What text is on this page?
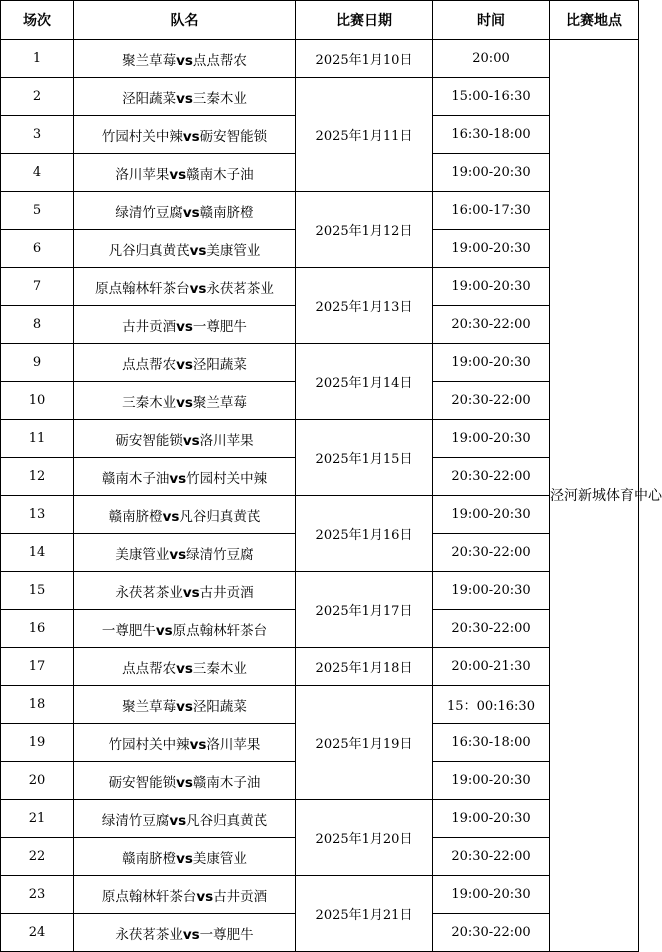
场次	队名	比赛日期	时间	比赛地点
1	聚兰草莓vs点点帮农	2025年1月10日	20:00	泾河新城体育中心
2	泾阳蔬菜vs三秦木业	2025年1月11日	15:00-16:30	
3	竹园村关中辣vs砺安智能锁		16:30-18:00	
4	洛川苹果vs赣南木子油		19:00-20:30	
5	绿清竹豆腐vs赣南脐橙	2025年1月12日	16:00-17:30	
6	凡谷归真黄芪vs美康管业		19:00-20:30	
7	原点翰林轩茶台vs永茯茗茶业	2025年1月13日	19:00-20:30	
8	古井贡酒vs一尊肥牛		20:30-22:00	
9	点点帮农vs泾阳蔬菜	2025年1月14日	19:00-20:30	
10	三秦木业vs聚兰草莓		20:30-22:00	
11	砺安智能锁vs洛川苹果	2025年1月15日	19:00-20:30	
12	赣南木子油vs竹园村关中辣		20:30-22:00	
13	赣南脐橙vs凡谷归真黄芪	2025年1月16日	19:00-20:30	
14	美康管业vs绿清竹豆腐		20:30-22:00	
15	永茯茗茶业vs古井贡酒	2025年1月17日	19:00-20:30	
16	一尊肥牛vs原点翰林轩茶台		20:30-22:00	
17	点点帮农vs三秦木业	2025年1月18日	20:00-21:30	
18	聚兰草莓vs泾阳蔬菜	2025年1月19日	15：00:16:30	
19	竹园村关中辣vs洛川苹果		16:30-18:00	
20	砺安智能锁vs赣南木子油		19:00-20:30	
21	绿清竹豆腐vs凡谷归真黄芪	2025年1月20日	19:00-20:30	
22	赣南脐橙vs美康管业		20:30-22:00	
23	原点翰林轩茶台vs古井贡酒	2025年1月21日	19:00-20:30	
24	永茯茗茶业vs一尊肥牛		20:30-22:00	
